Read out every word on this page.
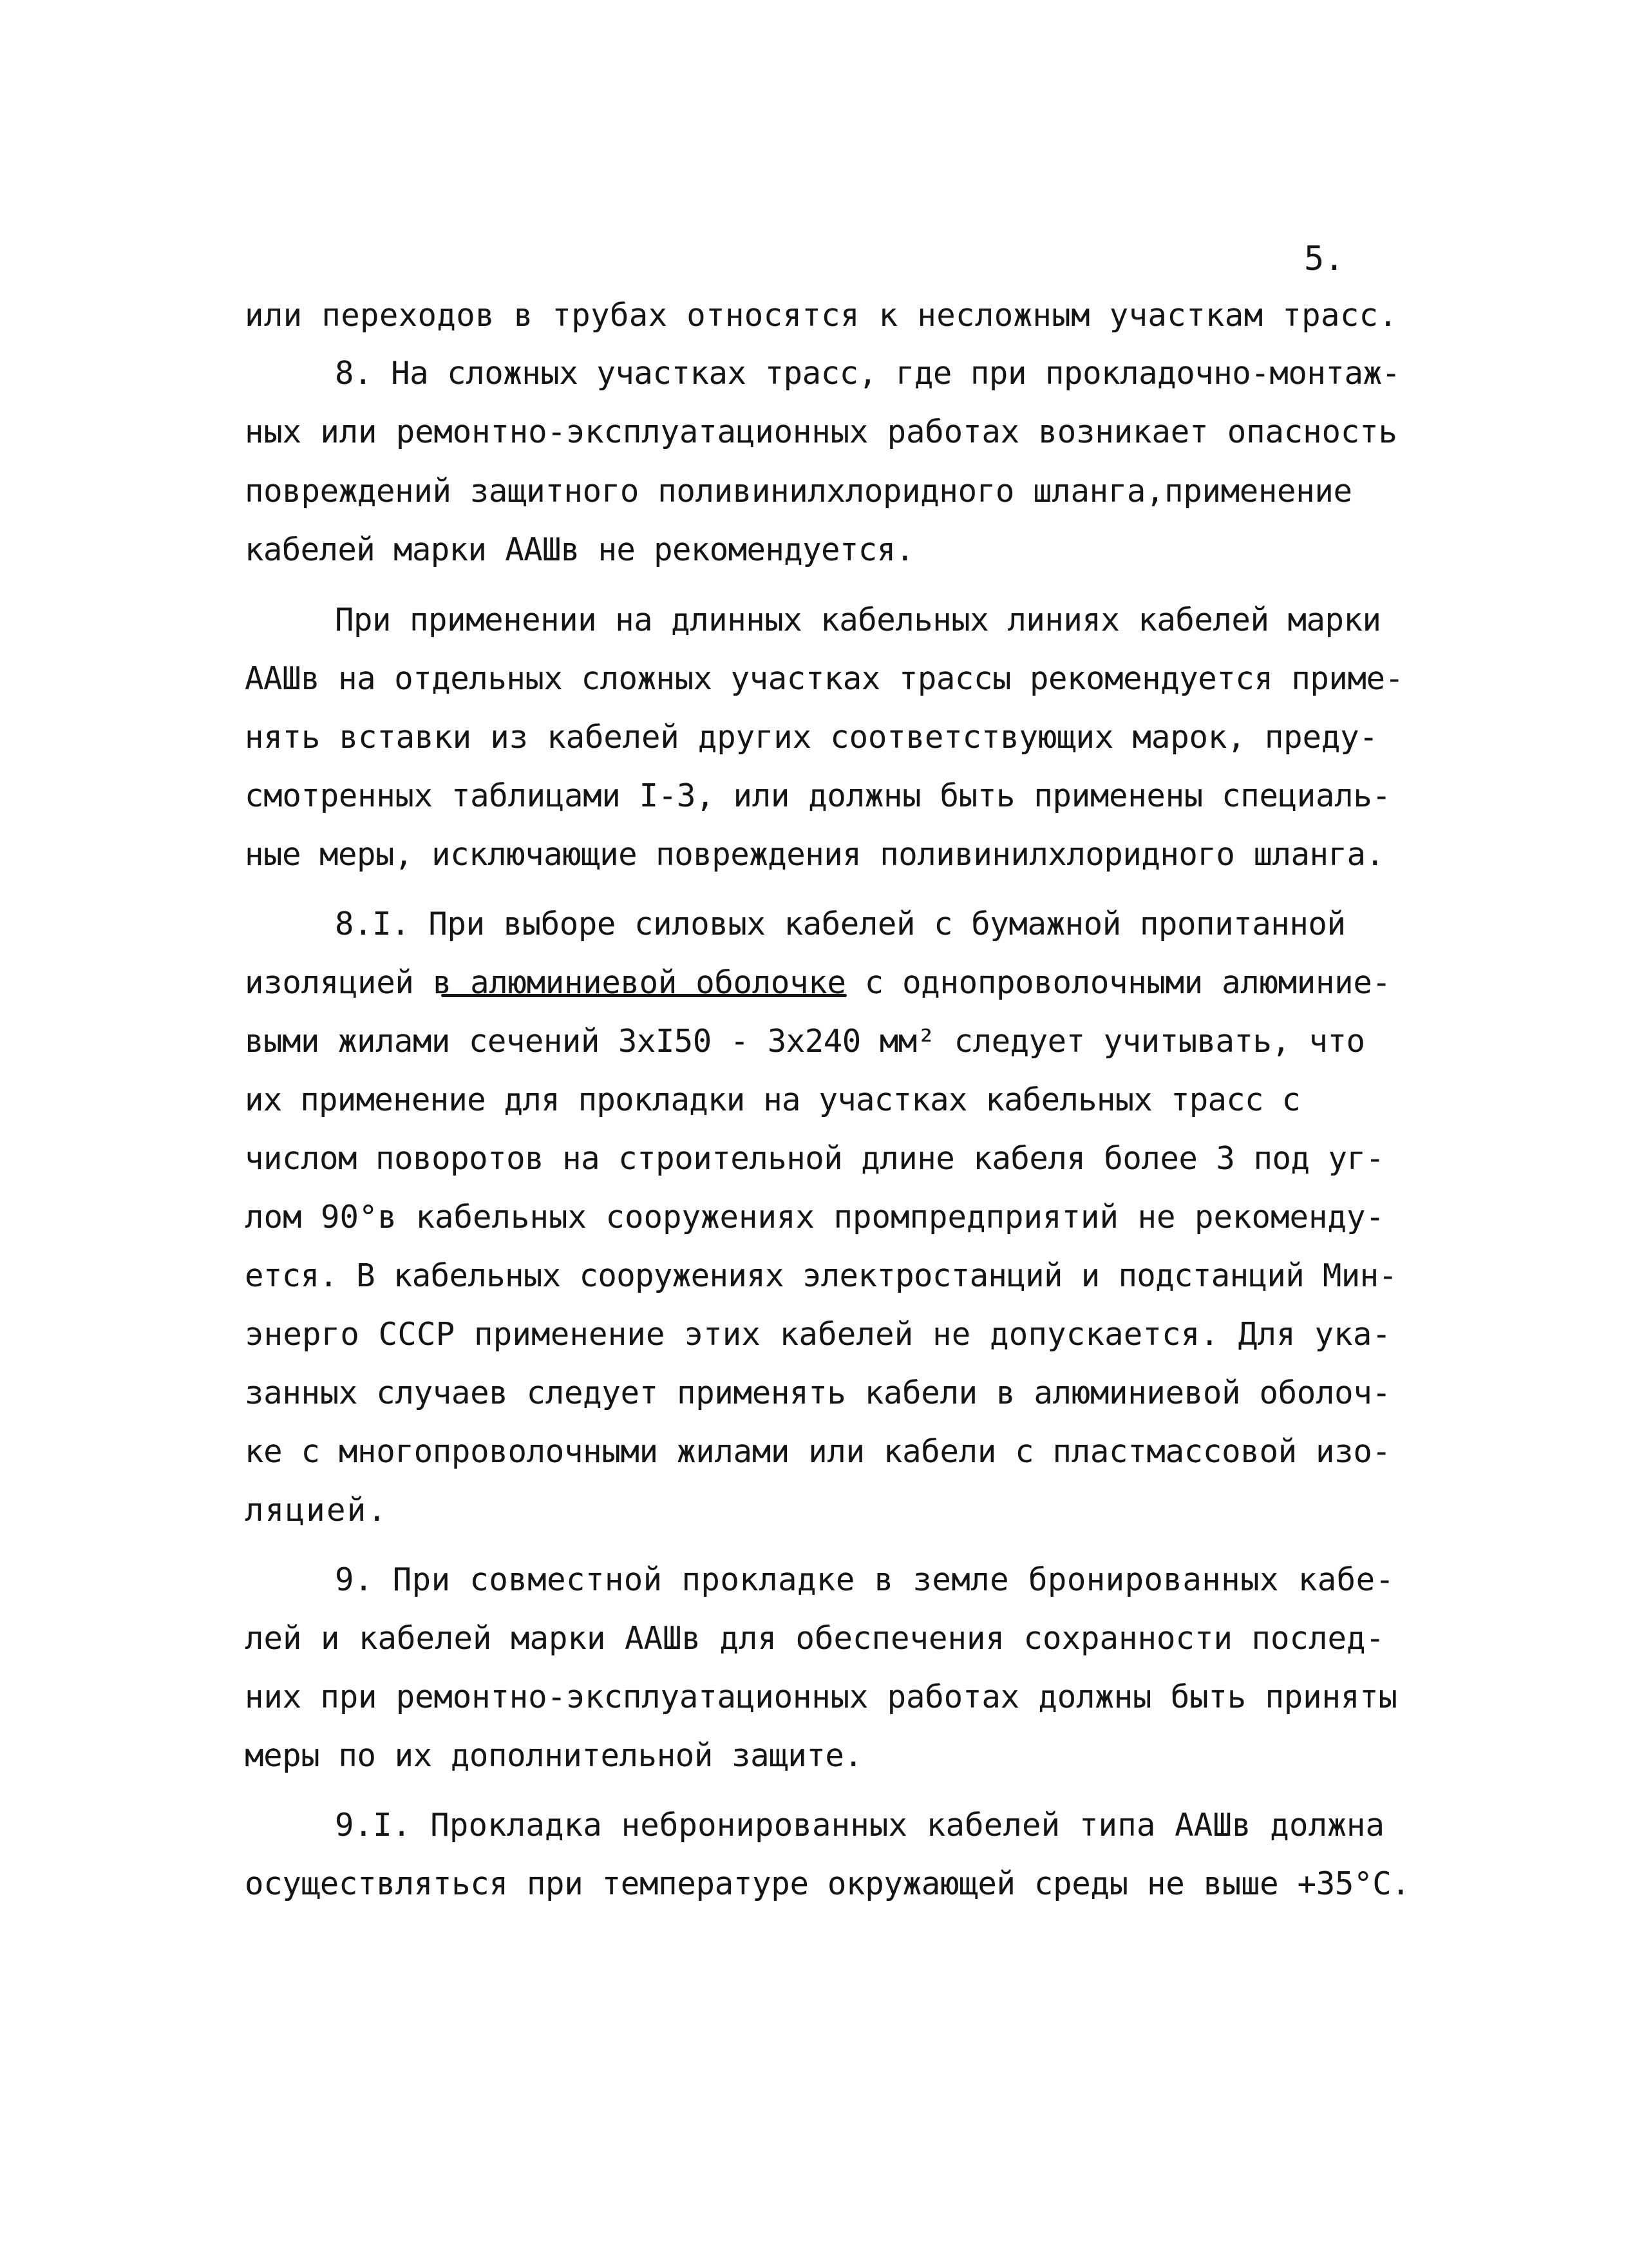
5.
или переходов в трубах относятся к несложным участкам трасс.
8. На сложных участках трасс, где при прокладочно-монтаж-
ных или ремонтно-эксплуатационных работах возникает опасность
повреждений защитного поливинилхлоридного шланга,применение
кабелей марки ААШв не рекомендуется.
При применении на длинных кабельных линиях кабелей марки
ААШв на отдельных сложных участках трассы рекомендуется приме-
нять вставки из кабелей других соответствующих марок, преду-
смотренных таблицами I-3, или должны быть применены специаль-
ные меры, исключающие повреждения поливинилхлоридного шланга.
8.I. При выборе силовых кабелей с бумажной пропитанной
изоляцией в алюминиевой оболочке с однопроволочными алюминие-
выми жилами сечений 3хI50 - 3х240 мм² следует учитывать, что
их применение для прокладки на участках кабельных трасс с
числом поворотов на строительной длине кабеля более 3 под уг-
лом 90°в кабельных сооружениях промпредприятий не рекоменду-
ется. В кабельных сооружениях электростанций и подстанций Мин-
энерго СССР применение этих кабелей не допускается. Для ука-
занных случаев следует применять кабели в алюминиевой оболоч-
ке с многопроволочными жилами или кабели с пластмассовой изо-
ляцией.
9. При совместной прокладке в земле бронированных кабе-
лей и кабелей марки ААШв для обеспечения сохранности послед-
них при ремонтно-эксплуатационных работах должны быть приняты
меры по их дополнительной защите.
9.I. Прокладка небронированных кабелей типа ААШв должна
осуществляться при температуре окружающей среды не выше +35°С.
